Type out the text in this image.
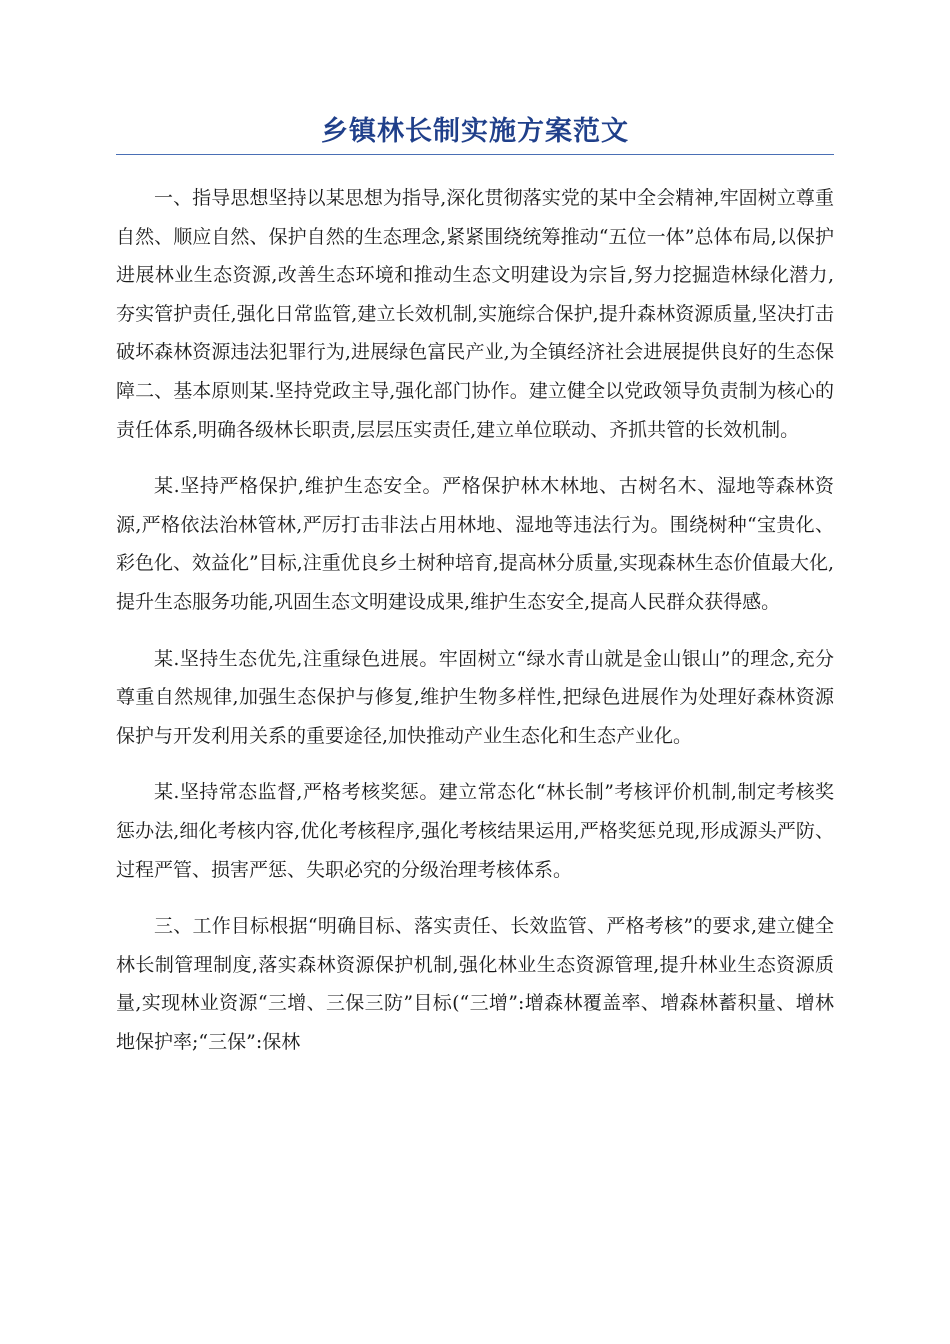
乡镇林长制实施方案范文

一、指导思想坚持以某思想为指导,深化贯彻落实党的某中全会精神,牢固树立尊重自然、顺应自然、保护自然的生态理念,紧紧围绕统筹推动“五位一体”总体布局,以保护进展林业生态资源,改善生态环境和推动生态文明建设为宗旨,努力挖掘造林绿化潜力,夯实管护责任,强化日常监管,建立长效机制,实施综合保护,提升森林资源质量,坚决打击破坏森林资源违法犯罪行为,进展绿色富民产业,为全镇经济社会进展提供良好的生态保障二、基本原则某.坚持党政主导,强化部门协作。建立健全以党政领导负责制为核心的责任体系,明确各级林长职责,层层压实责任,建立单位联动、齐抓共管的长效机制。

某.坚持严格保护,维护生态安全。严格保护林木林地、古树名木、湿地等森林资源,严格依法治林管林,严厉打击非法占用林地、湿地等违法行为。围绕树种“宝贵化、彩色化、效益化”目标,注重优良乡土树种培育,提高林分质量,实现森林生态价值最大化,提升生态服务功能,巩固生态文明建设成果,维护生态安全,提高人民群众获得感。

某.坚持生态优先,注重绿色进展。牢固树立“绿水青山就是金山银山”的理念,充分尊重自然规律,加强生态保护与修复,维护生物多样性,把绿色进展作为处理好森林资源保护与开发利用关系的重要途径,加快推动产业生态化和生态产业化。

某.坚持常态监督,严格考核奖惩。建立常态化“林长制”考核评价机制,制定考核奖惩办法,细化考核内容,优化考核程序,强化考核结果运用,严格奖惩兑现,形成源头严防、过程严管、损害严惩、失职必究的分级治理考核体系。

三、工作目标根据“明确目标、落实责任、长效监管、严格考核”的要求,建立健全林长制管理制度,落实森林资源保护机制,强化林业生态资源管理,提升林业生态资源质量,实现林业资源“三增、三保三防”目标(“三增”:增森林覆盖率、增森林蓄积量、增林地保护率;“三保”:保林
